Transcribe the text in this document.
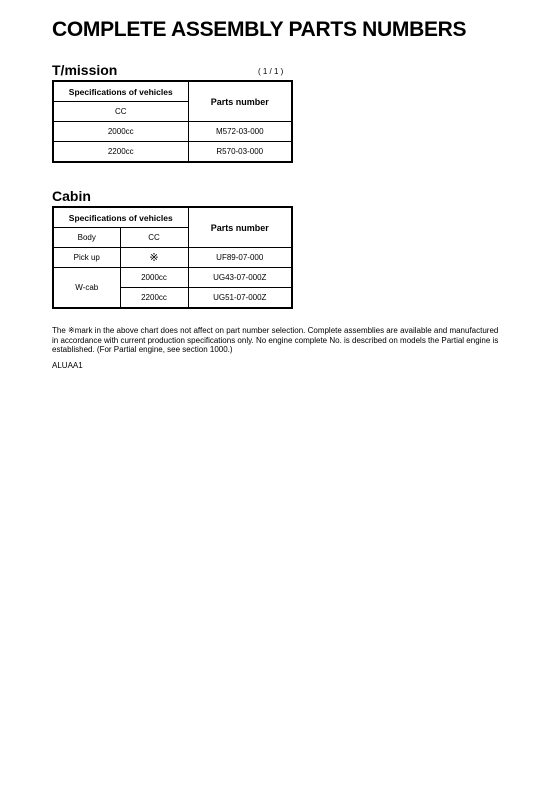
COMPLETE ASSEMBLY PARTS NUMBERS
T/mission	( 1 / 1 )
Specifications of vehicles	Parts number
CC	
2000cc	M572-03-000
2200cc	R570-03-000
Cabin
Specifications of vehicles		Parts number
Body	CC	
Pick up	※	UF89-07-000
W-cab	2000cc	UG43-07-000Z
	2200cc	UG51-07-000Z
The ※mark in the above chart does not affect on part number selection. Complete assemblies are available and manufactured in accordance with current production specifications only. No engine complete No. is described on models the Partial engine is established. (For Partial engine, see section 1000.)
ALUAA1
